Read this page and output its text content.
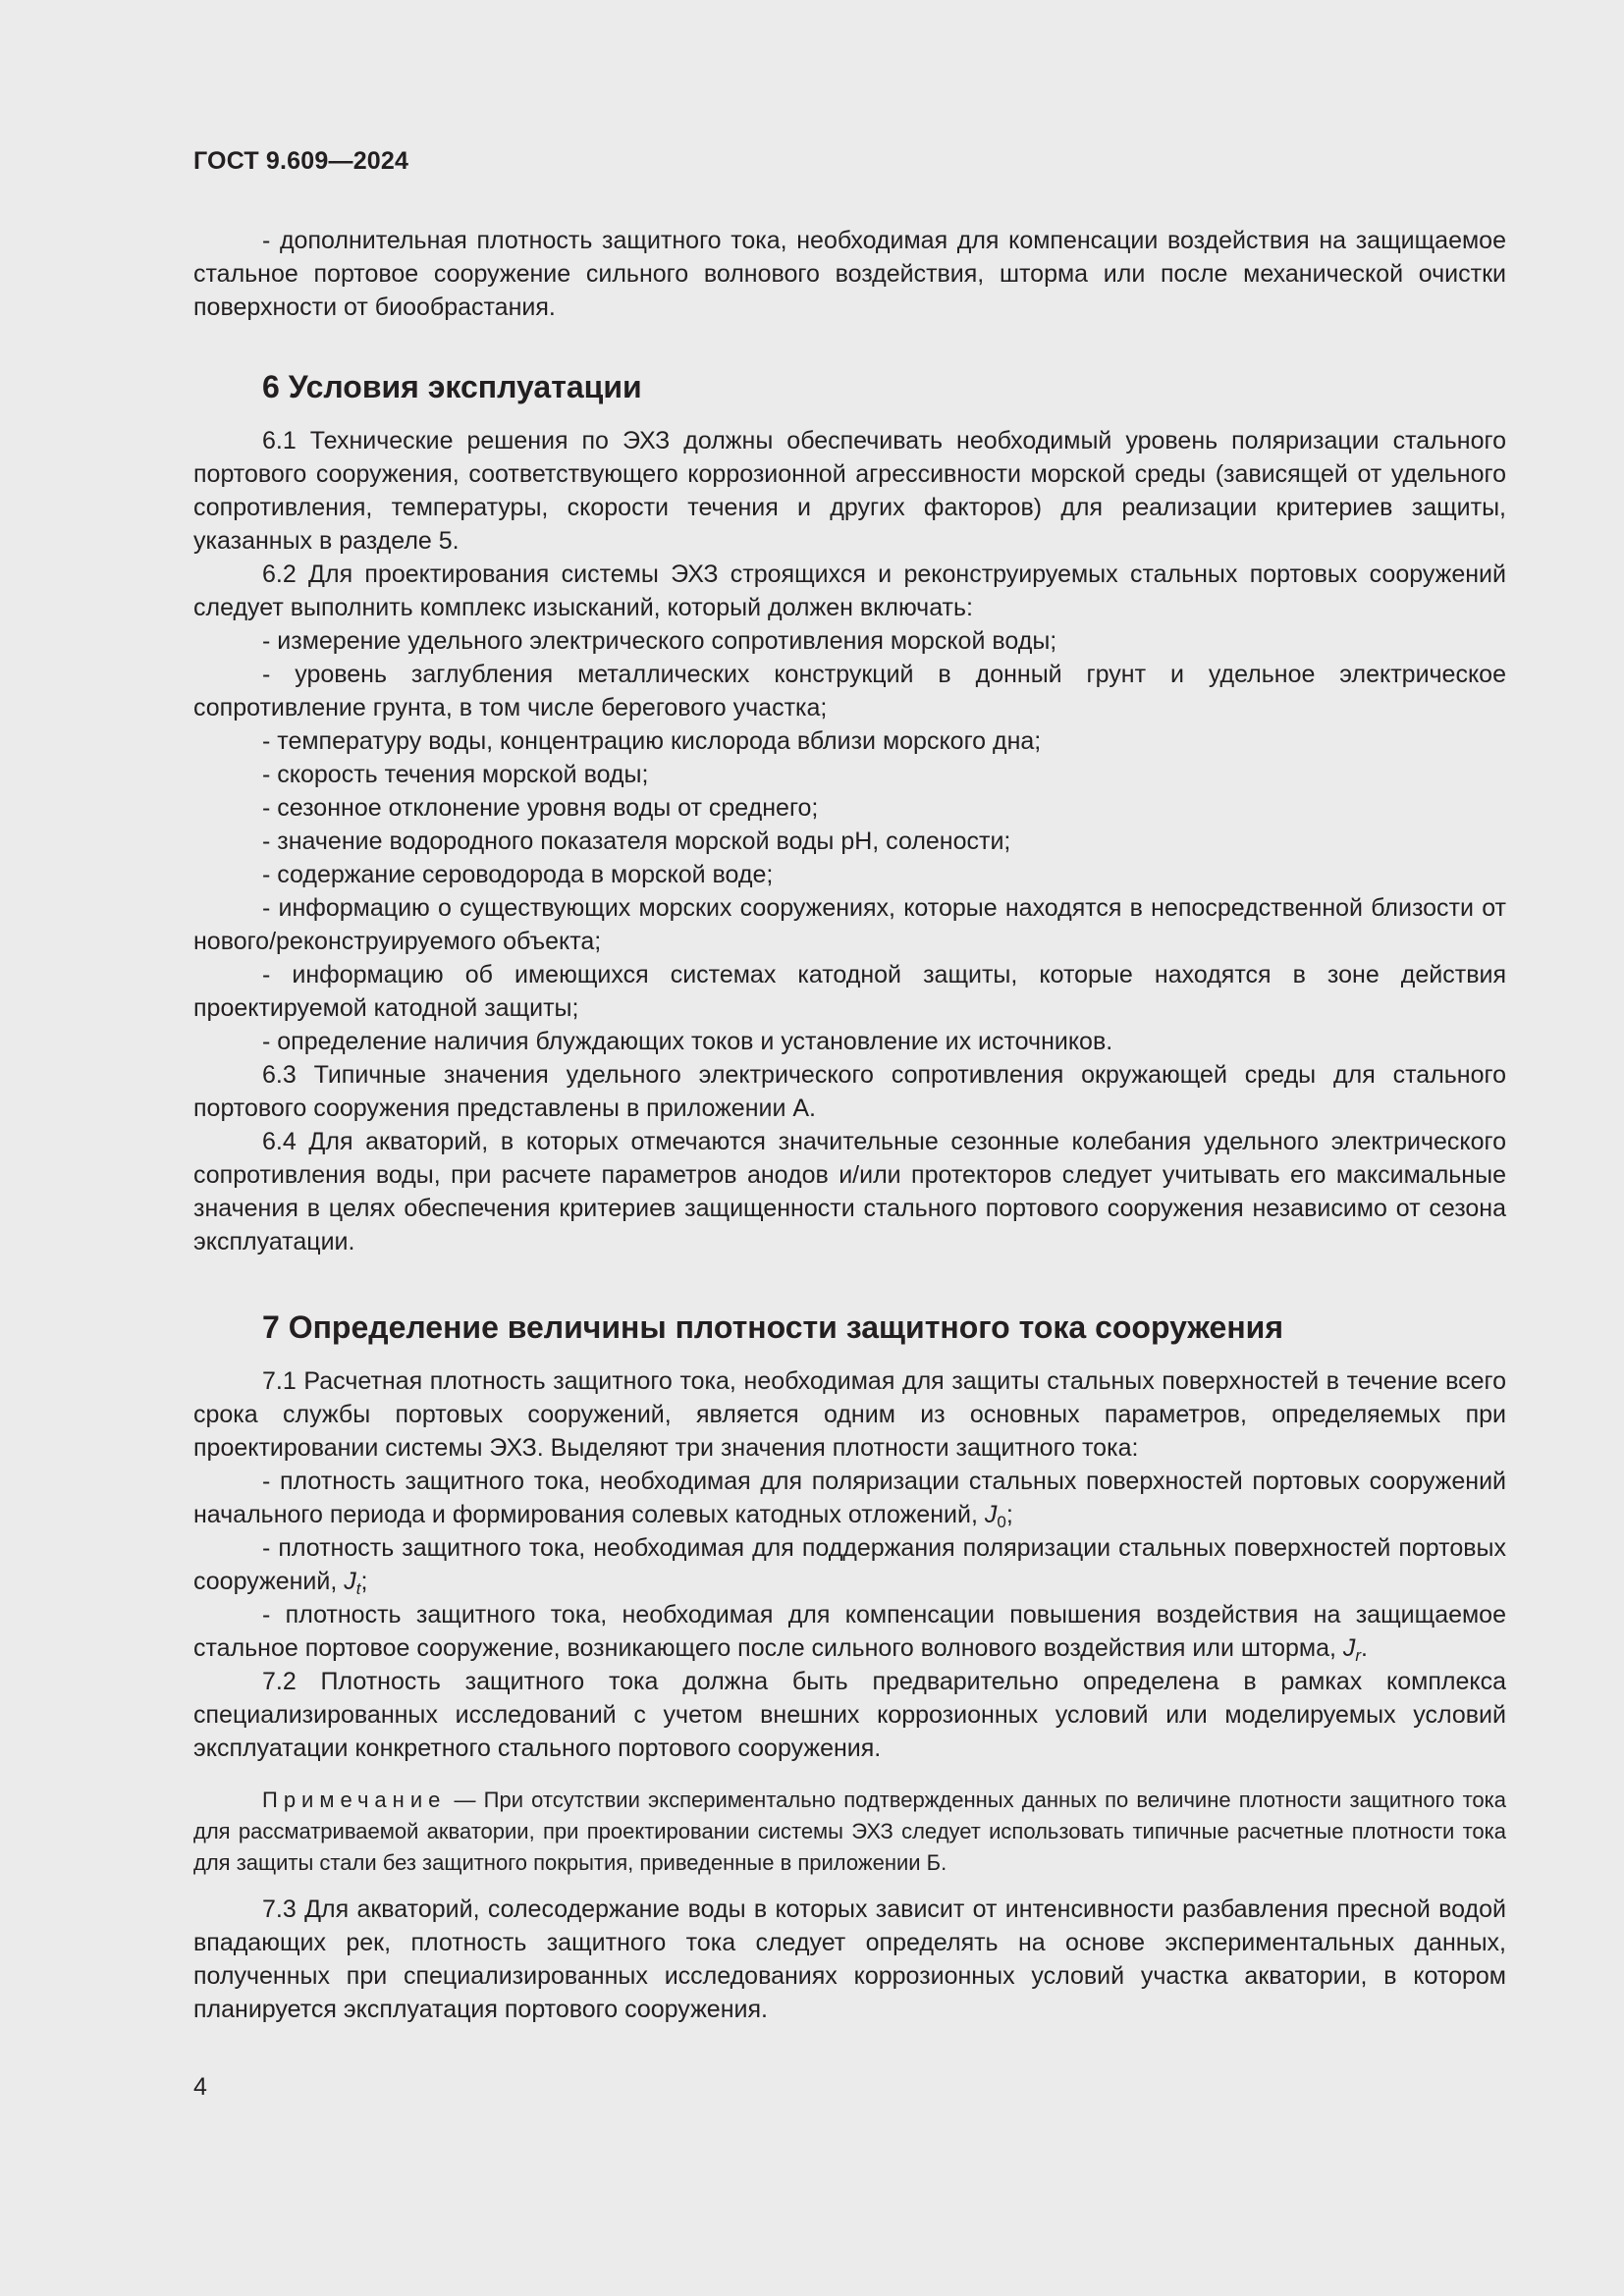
ГОСТ 9.609—2024

- дополнительная плотность защитного тока, необходимая для компенсации воздействия на защищаемое стальное портовое сооружение сильного волнового воздействия, шторма или после механической очистки поверхности от биообрастания.

6 Условия эксплуатации

6.1 Технические решения по ЭХЗ должны обеспечивать необходимый уровень поляризации стального портового сооружения, соответствующего коррозионной агрессивности морской среды (зависящей от удельного сопротивления, температуры, скорости течения и других факторов) для реализации критериев защиты, указанных в разделе 5.

6.2 Для проектирования системы ЭХЗ строящихся и реконструируемых стальных портовых сооружений следует выполнить комплекс изысканий, который должен включать:

- измерение удельного электрического сопротивления морской воды;

- уровень заглубления металлических конструкций в донный грунт и удельное электрическое сопротивление грунта, в том числе берегового участка;

- температуру воды, концентрацию кислорода вблизи морского дна;

- скорость течения морской воды;

- сезонное отклонение уровня воды от среднего;

- значение водородного показателя морской воды pH, солености;

- содержание сероводорода в морской воде;

- информацию о существующих морских сооружениях, которые находятся в непосредственной близости от нового/реконструируемого объекта;

- информацию об имеющихся системах катодной защиты, которые находятся в зоне действия проектируемой катодной защиты;

- определение наличия блуждающих токов и установление их источников.

6.3 Типичные значения удельного электрического сопротивления окружающей среды для стального портового сооружения представлены в приложении А.

6.4 Для акваторий, в которых отмечаются значительные сезонные колебания удельного электрического сопротивления воды, при расчете параметров анодов и/или протекторов следует учитывать его максимальные значения в целях обеспечения критериев защищенности стального портового сооружения независимо от сезона эксплуатации.

7 Определение величины плотности защитного тока сооружения

7.1 Расчетная плотность защитного тока, необходимая для защиты стальных поверхностей в течение всего срока службы портовых сооружений, является одним из основных параметров, определяемых при проектировании системы ЭХЗ. Выделяют три значения плотности защитного тока:

- плотность защитного тока, необходимая для поляризации стальных поверхностей портовых сооружений начального периода и формирования солевых катодных отложений, $J_0$;

- плотность защитного тока, необходимая для поддержания поляризации стальных поверхностей портовых сооружений, $J_t$;

- плотность защитного тока, необходимая для компенсации повышения воздействия на защищаемое стальное портовое сооружение, возникающего после сильного волнового воздействия или шторма, $J_r$.

7.2 Плотность защитного тока должна быть предварительно определена в рамках комплекса специализированных исследований с учетом внешних коррозионных условий или моделируемых условий эксплуатации конкретного стального портового сооружения.

Примечание — При отсутствии экспериментально подтвержденных данных по величине плотности защитного тока для рассматриваемой акватории, при проектировании системы ЭХЗ следует использовать типичные расчетные плотности тока для защиты стали без защитного покрытия, приведенные в приложении Б.

7.3 Для акваторий, солесодержание воды в которых зависит от интенсивности разбавления пресной водой впадающих рек, плотность защитного тока следует определять на основе экспериментальных данных, полученных при специализированных исследованиях коррозионных условий участка акватории, в котором планируется эксплуатация портового сооружения.

4
